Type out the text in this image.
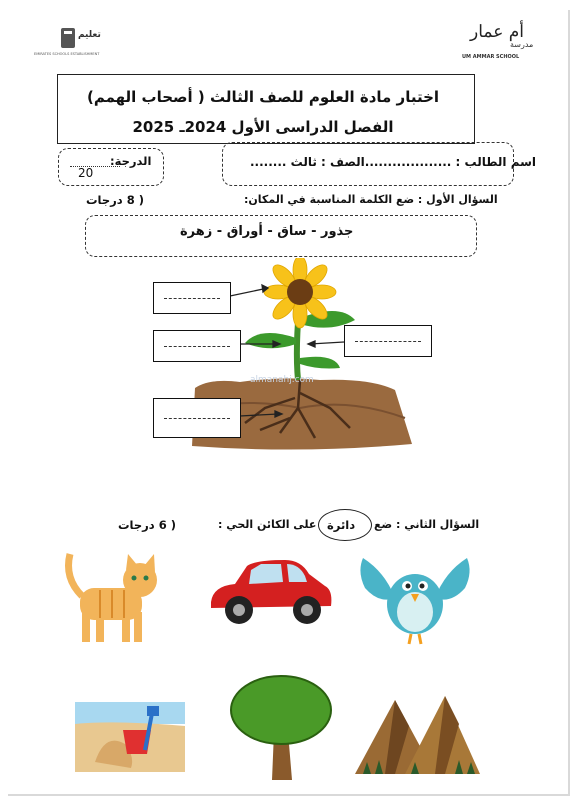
تعليم
EMIRATES SCHOOLS ESTABLISHMENT
أم عمار
مدرسة
UM AMMAR SCHOOL
اختبار مادة العلوم للصف الثالث ( أصحاب الهمم)
الفصل الدراسى الأول 2024ـ 2025
الدرجة:
20
اسم الطالب : ...................الصف : ثالث ........
( 8 درجات	السؤال الأول : ضع الكلمة المناسبة في المكان:
جذور - ساق - أوراق - زهرة
almanahj.com
( 6 درجات	على الكائن الحي : دائرة السؤال الثاني : ضع
